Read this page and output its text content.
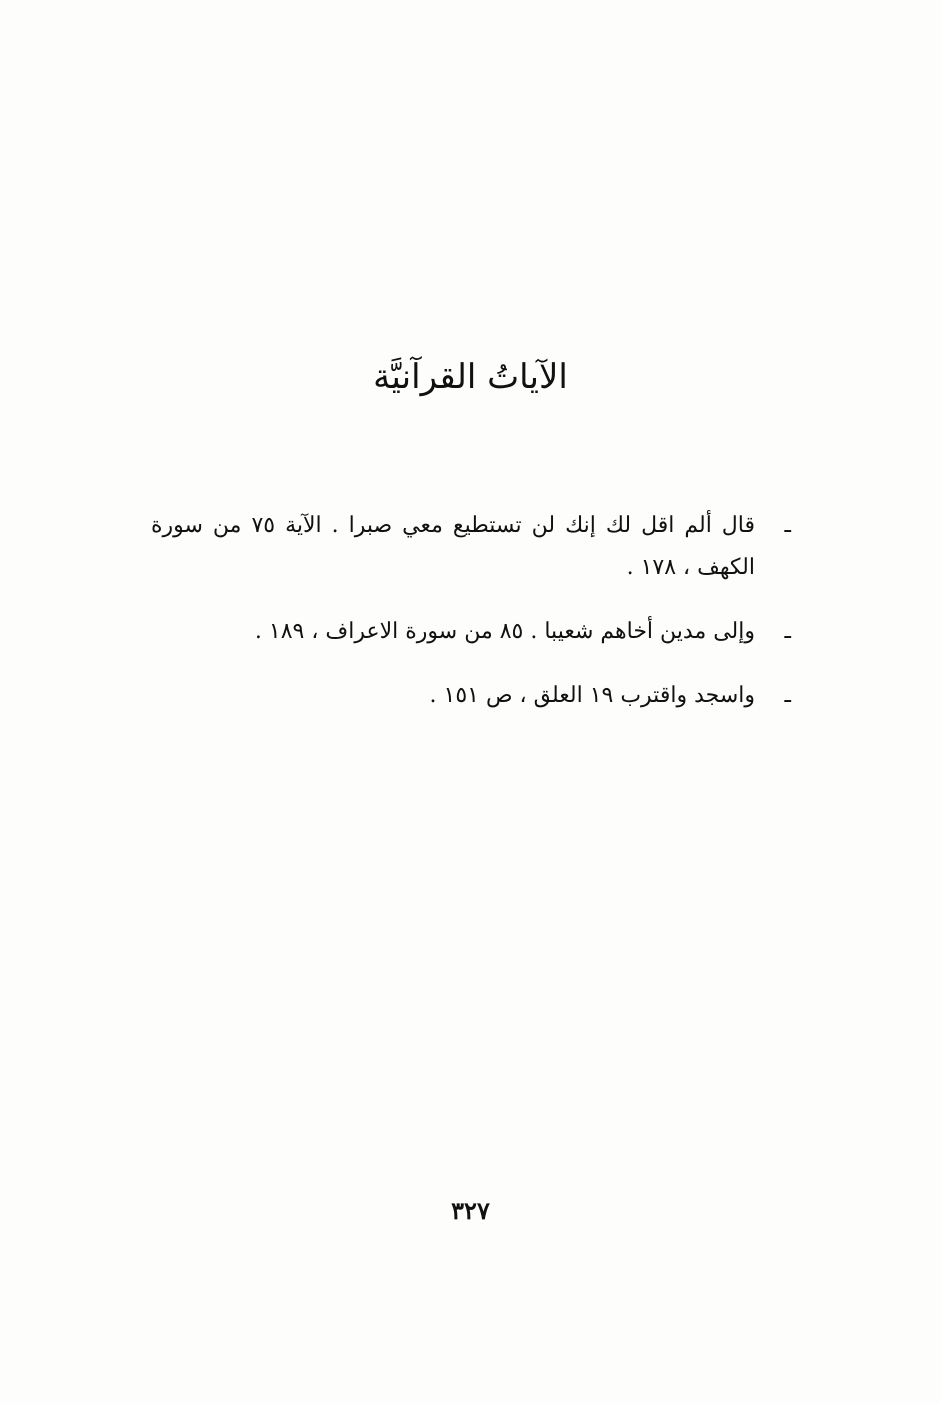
الآياتُ القرآنيَّة
ـ
قال ألم اقل لك إنك لن تستطيع معي صبرا . الآية ٧٥ من سورة الكهف ، ١٧٨ .
ـ
وإلى مدين أخاهم شعيبا . ٨٥ من سورة الاعراف ، ١٨٩ .
ـ
واسجد واقترب ١٩ العلق ، ص ١٥١ .
٣٢٧
